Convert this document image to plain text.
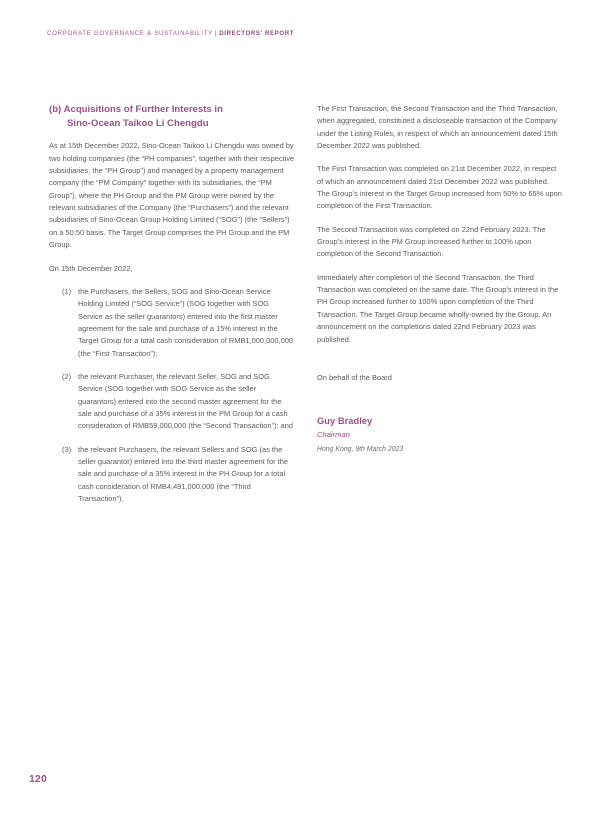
CORPORATE GOVERNANCE & SUSTAINABILITY | DIRECTORS' REPORT
(b) Acquisitions of Further Interests in
Sino-Ocean Taikoo Li Chengdu

As at 15th December 2022, Sino-Ocean Taikoo Li Chengdu was owned by two holding companies (the “PH companies”, together with their respective subsidiaries, the “PH Group”) and managed by a property management company (the “PM Company” together with its subsidiaries, the “PM Group”), where the PH Group and the PM Group were owned by the relevant subsidiaries of the Company (the “Purchasers”) and the relevant subsidiaries of Sino-Ocean Group Holding Limited (“SOG”) (the “Sellers”) on a 50:50 basis. The Target Group comprises the PH Group and the PM Group.

On 15th December 2022,

(1) the Purchasers, the Sellers, SOG and Sino-Ocean Service Holding Limited (“SOG Service”) (SOG together with SOG Service as the seller guarantors) entered into the first master agreement for the sale and purchase of a 15% interest in the Target Group for a total cash consideration of RMB1,000,000,000 (the “First Transaction”);
(2) the relevant Purchaser, the relevant Seller, SOG and SOG Service (SOG together with SOG Service as the seller guarantors) entered into the second master agreement for the sale and purchase of a 35% interest in the PM Group for a cash consideration of RMB59,000,000 (the “Second Transaction”); and
(3) the relevant Purchasers, the relevant Sellers and SOG (as the seller guarantor) entered into the third master agreement for the sale and purchase of a 35% interest in the PH Group for a total cash consideration of RMB4,491,000,000 (the “Third Transaction”).

The First Transaction, the Second Transaction and the Third Transaction, when aggregated, constituted a discloseable transaction of the Company under the Listing Rules, in respect of which an announcement dated 15th December 2022 was published.

The First Transaction was completed on 21st December 2022, in respect of which an announcement dated 21st December 2022 was published. The Group’s interest in the Target Group increased from 50% to 65% upon completion of the First Transaction.

The Second Transaction was completed on 22nd February 2023. The Group’s interest in the PM Group increased further to 100% upon completion of the Second Transaction.

Immediately after completion of the Second Transaction, the Third Transaction was completed on the same date. The Group’s interest in the PH Group increased further to 100% upon completion of the Third Transaction. The Target Group became wholly-owned by the Group. An announcement on the completions dated 22nd February 2023 was published.

On behalf of the Board

Guy Bradley

Chairman

Hong Kong, 9th March 2023

120
